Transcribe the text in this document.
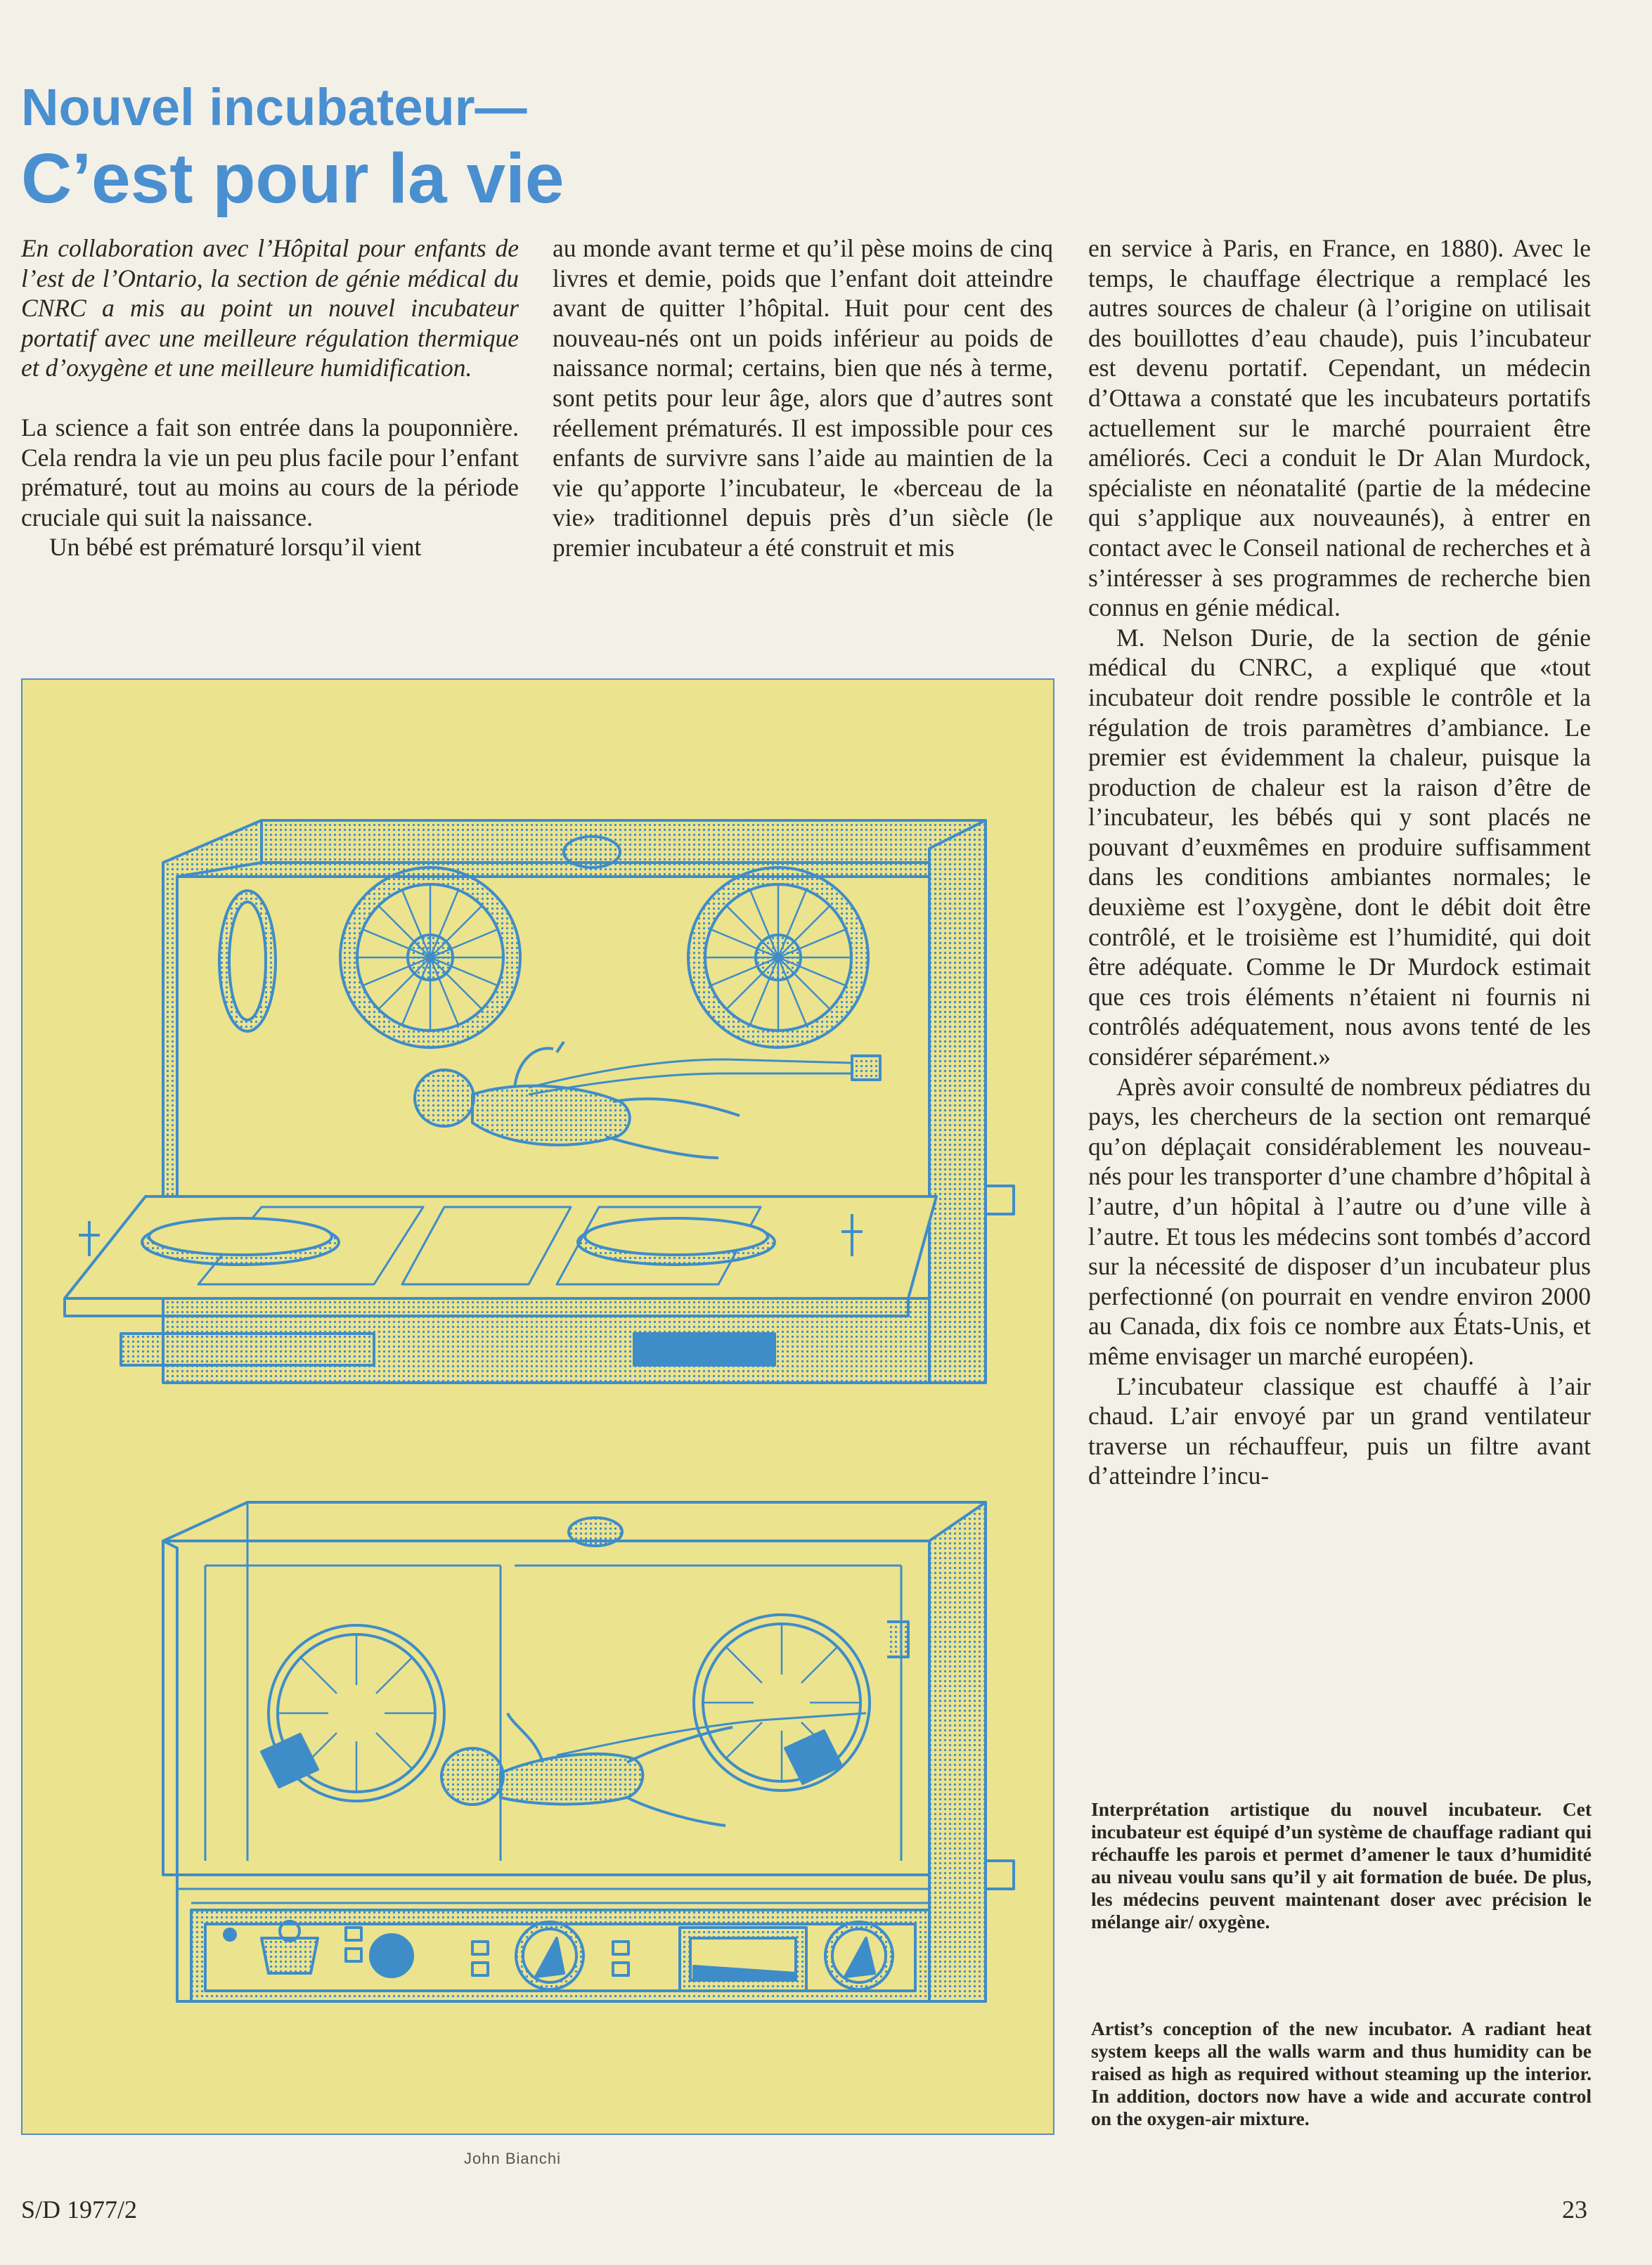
Nouvel incubateur—
C’est pour la vie

En collaboration avec l’Hôpital pour enfants de l’est de l’Ontario, la section de génie médical du CNRC a mis au point un nouvel incubateur portatif avec une meilleure régulation thermique et d’oxygène et une meilleure humidification.

La science a fait son entrée dans la pouponnière. Cela rendra la vie un peu plus facile pour l’enfant prématuré, tout au moins au cours de la période cruciale qui suit la naissance.

Un bébé est prématuré lorsqu’il vient

au monde avant terme et qu’il pèse moins de cinq livres et demie, poids que l’enfant doit atteindre avant de quitter l’hôpital. Huit pour cent des nouveau-nés ont un poids inférieur au poids de naissance normal; certains, bien que nés à terme, sont petits pour leur âge, alors que d’autres sont réellement prématurés. Il est impossible pour ces enfants de survivre sans l’aide au maintien de la vie qu’apporte l’incubateur, le «berceau de la vie» traditionnel depuis près d’un siècle (le premier incubateur a été construit et mis

en service à Paris, en France, en 1880). Avec le temps, le chauffage électrique a remplacé les autres sources de chaleur (à l’origine on utilisait des bouillottes d’eau chaude), puis l’incubateur est devenu portatif. Cependant, un médecin d’Ottawa a constaté que les incubateurs portatifs actuellement sur le marché pourraient être améliorés. Ceci a conduit le Dr Alan Murdock, spécialiste en néonatalité (partie de la médecine qui s’applique aux nouveaunés), à entrer en contact avec le Conseil national de recherches et à s’intéresser à ses programmes de recherche bien connus en génie médical.

M. Nelson Durie, de la section de génie médical du CNRC, a expliqué que «tout incubateur doit rendre possible le contrôle et la régulation de trois paramètres d’ambiance. Le premier est évidemment la chaleur, puisque la production de chaleur est la raison d’être de l’incubateur, les bébés qui y sont placés ne pouvant d’euxmêmes en produire suffisamment dans les conditions ambiantes normales; le deuxième est l’oxygène, dont le débit doit être contrôlé, et le troisième est l’humidité, qui doit être adéquate. Comme le Dr Murdock estimait que ces trois éléments n’étaient ni fournis ni contrôlés adéquatement, nous avons tenté de les considérer séparément.»

Après avoir consulté de nombreux pédiatres du pays, les chercheurs de la section ont remarqué qu’on déplaçait considérablement les nouveau-nés pour les transporter d’une chambre d’hôpital à l’autre, d’un hôpital à l’autre ou d’une ville à l’autre. Et tous les médecins sont tombés d’accord sur la nécessité de disposer d’un incubateur plus perfectionné (on pourrait en vendre environ 2000 au Canada, dix fois ce nombre aux États-Unis, et même envisager un marché européen).

L’incubateur classique est chauffé à l’air chaud. L’air envoyé par un grand ventilateur traverse un réchauffeur, puis un filtre avant d’atteindre l’incu-

John Bianchi

Interprétation artistique du nouvel incubateur. Cet incubateur est équipé d’un système de chauffage radiant qui réchauffe les parois et permet d’amener le taux d’humidité au niveau voulu sans qu’il y ait formation de buée. De plus, les médecins peuvent maintenant doser avec précision le mélange air/ oxygène.

Artist’s conception of the new incubator. A radiant heat system keeps all the walls warm and thus humidity can be raised as high as required without steaming up the interior. In addition, doctors now have a wide and accurate control on the oxygen-air mixture.

S/D 1977/2	23
